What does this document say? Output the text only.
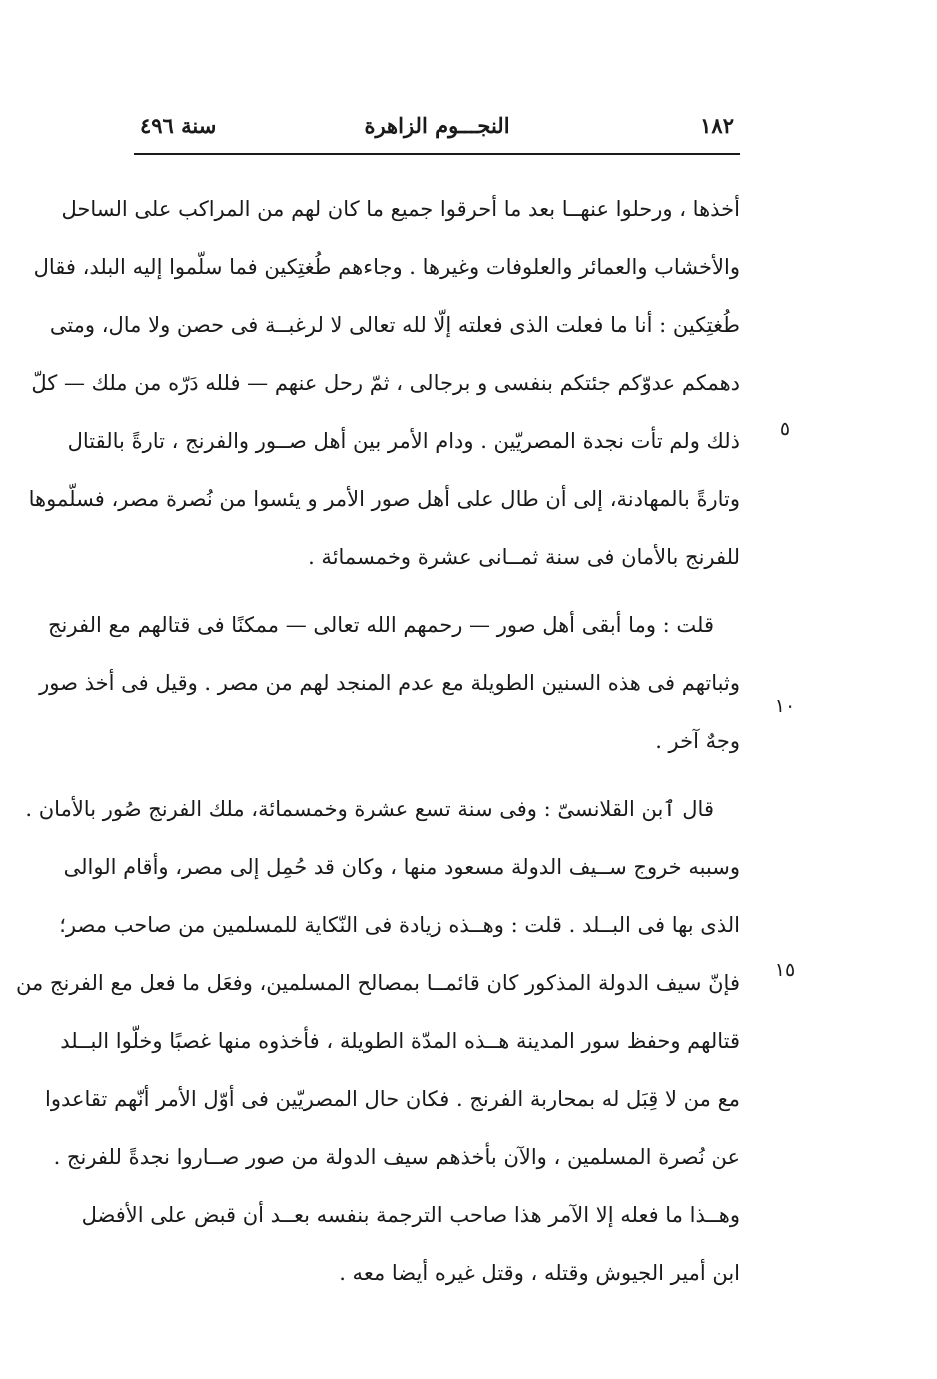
١٨٢
النجـــوم الزاهرة
سنة ٤٩٦
٥
١٠
١٥
أخذها ، ورحلوا عنهــا بعد ما أحرقوا جميع ما كان لهم من المراكب على الساحل
والأخشاب والعمائر والعلوفات وغيرها . وجاءهم طُغتِكين فما سلّموا إليه البلد، فقال
طُغتِكين : أنا ما فعلت الذى فعلته إلّا لله تعالى لا لرغبــة فى حصن ولا مال، ومتى
دهمكم عدوّكم جئتكم بنفسى و برجالى ، ثمّ رحل عنهم — فلله دَرّه من ملك — كلّ
ذلك ولم تأت نجدة المصريّين . ودام الأمر بين أهل صــور والفرنج ، تارةً بالقتال
وتارةً بالمهادنة، إلى أن طال على أهل صور الأمر و يئسوا من نُصرة مصر، فسلّموها
للفرنج بالأمان فى سنة ثمــانى عشرة وخمسمائة .
قلت : وما أبقى أهل صور — رحمهم الله تعالى — ممكنًا فى قتالهم مع الفرنج
وثباتهم فى هذه السنين الطويلة مع عدم المنجد لهم من مصر . وقيل فى أخذ صور
وجهٌ آخر .
قال ٱبن القلانسىّ : وفى سنة تسع عشرة وخمسمائة، ملك الفرنج صُور بالأمان .
وسببه خروج ســيف الدولة مسعود منها ، وكان قد حُمِل إلى مصر، وأقام الوالى
الذى بها فى البــلد . قلت : وهــذه زيادة فى النّكاية للمسلمين من صاحب مصر؛
فإنّ سيف الدولة المذكور كان قائمــا بمصالح المسلمين، وفعَل ما فعل مع الفرنج من
قتالهم وحفظ سور المدينة هــذه المدّة الطويلة ، فأخذوه منها غصبًا وخلّوا البــلد
مع من لا قِبَل له بمحاربة الفرنج . فكان حال المصريّين فى أوّل الأمر أنّهم تقاعدوا
عن نُصرة المسلمين ، والآن بأخذهم سيف الدولة من صور صــاروا نجدةً للفرنج .
وهــذا ما فعله إلا الآمر هذا صاحب الترجمة بنفسه بعــد أن قبض على الأفضل
ابن أمير الجيوش وقتله ، وقتل غيره أيضا معه .
